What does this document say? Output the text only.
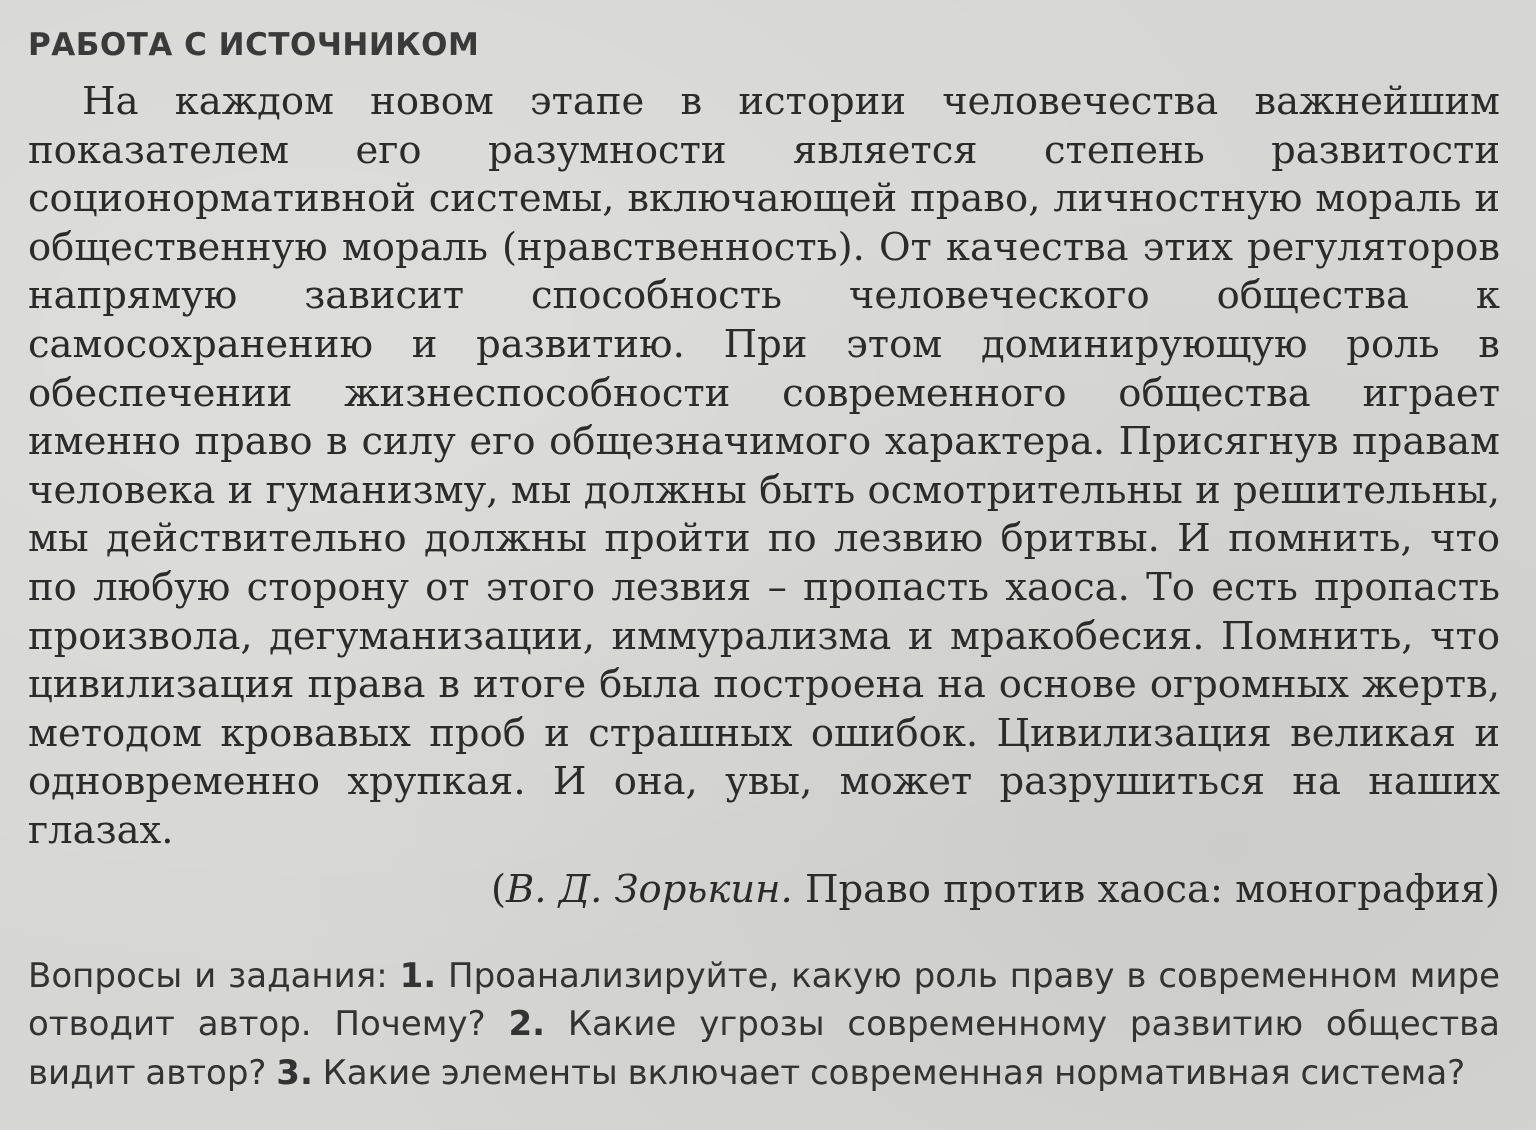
РАБОТА С ИСТОЧНИКОМ

На каждом новом этапе в истории человечества важнейшим показателем его разумности является степень развитости соционормативной системы, включающей право, личностную мораль и общественную мораль (нравственность). От качества этих регуляторов напрямую зависит способность человеческого общества к самосохранению и развитию. При этом доминирующую роль в обеспечении жизнеспособности современного общества играет именно право в силу его общезначимого характера. Присягнув правам человека и гуманизму, мы должны быть осмотрительны и решительны, мы действительно должны пройти по лезвию бритвы. И помнить, что по любую сторону от этого лезвия – пропасть хаоса. То есть пропасть произвола, дегуманизации, иммурализма и мракобесия. Помнить, что цивилизация права в итоге была построена на основе огромных жертв, методом кровавых проб и страшных ошибок. Цивилизация великая и одновременно хрупкая. И она, увы, может разрушиться на наших глазах.

(В. Д. Зорькин. Право против хаоса: монография)

Вопросы и задания: 1. Проанализируйте, какую роль праву в современном мире отводит автор. Почему? 2. Какие угрозы современному развитию общества видит автор? 3. Какие элементы включает современная нормативная система?
